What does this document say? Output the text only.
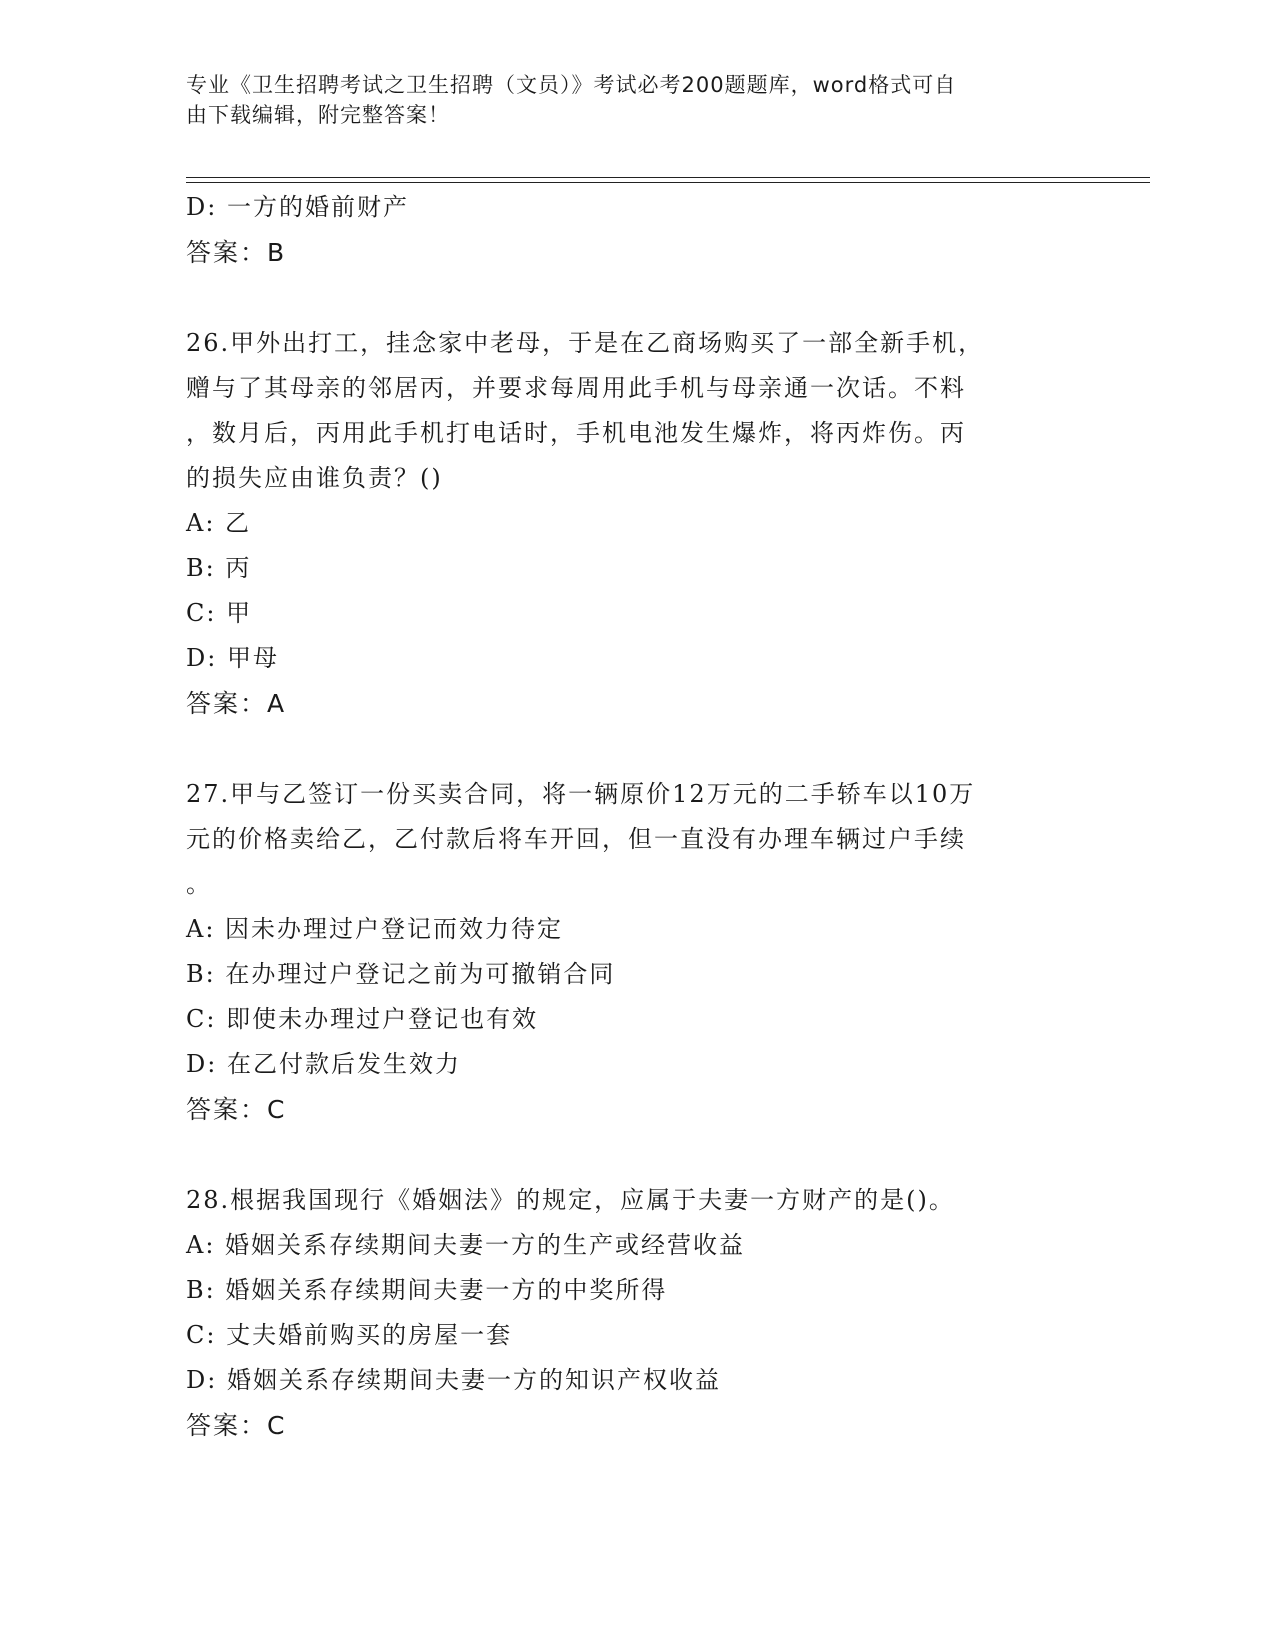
专业《卫生招聘考试之卫生招聘（文员）》考试必考200题题库，word格式可自
由下载编辑，附完整答案！
D: 一方的婚前财产
答案：B
26.甲外出打工，挂念家中老母，于是在乙商场购买了一部全新手机，
赠与了其母亲的邻居丙，并要求每周用此手机与母亲通一次话。不料
，数月后，丙用此手机打电话时，手机电池发生爆炸，将丙炸伤。丙
的损失应由谁负责？()
A: 乙
B: 丙
C: 甲
D: 甲母
答案：A
27.甲与乙签订一份买卖合同，将一辆原价12万元的二手轿车以10万
元的价格卖给乙，乙付款后将车开回，但一直没有办理车辆过户手续
。
A: 因未办理过户登记而效力待定
B: 在办理过户登记之前为可撤销合同
C: 即使未办理过户登记也有效
D: 在乙付款后发生效力
答案：C
28.根据我国现行《婚姻法》的规定，应属于夫妻一方财产的是()。
A: 婚姻关系存续期间夫妻一方的生产或经营收益
B: 婚姻关系存续期间夫妻一方的中奖所得
C: 丈夫婚前购买的房屋一套
D: 婚姻关系存续期间夫妻一方的知识产权收益
答案：C
